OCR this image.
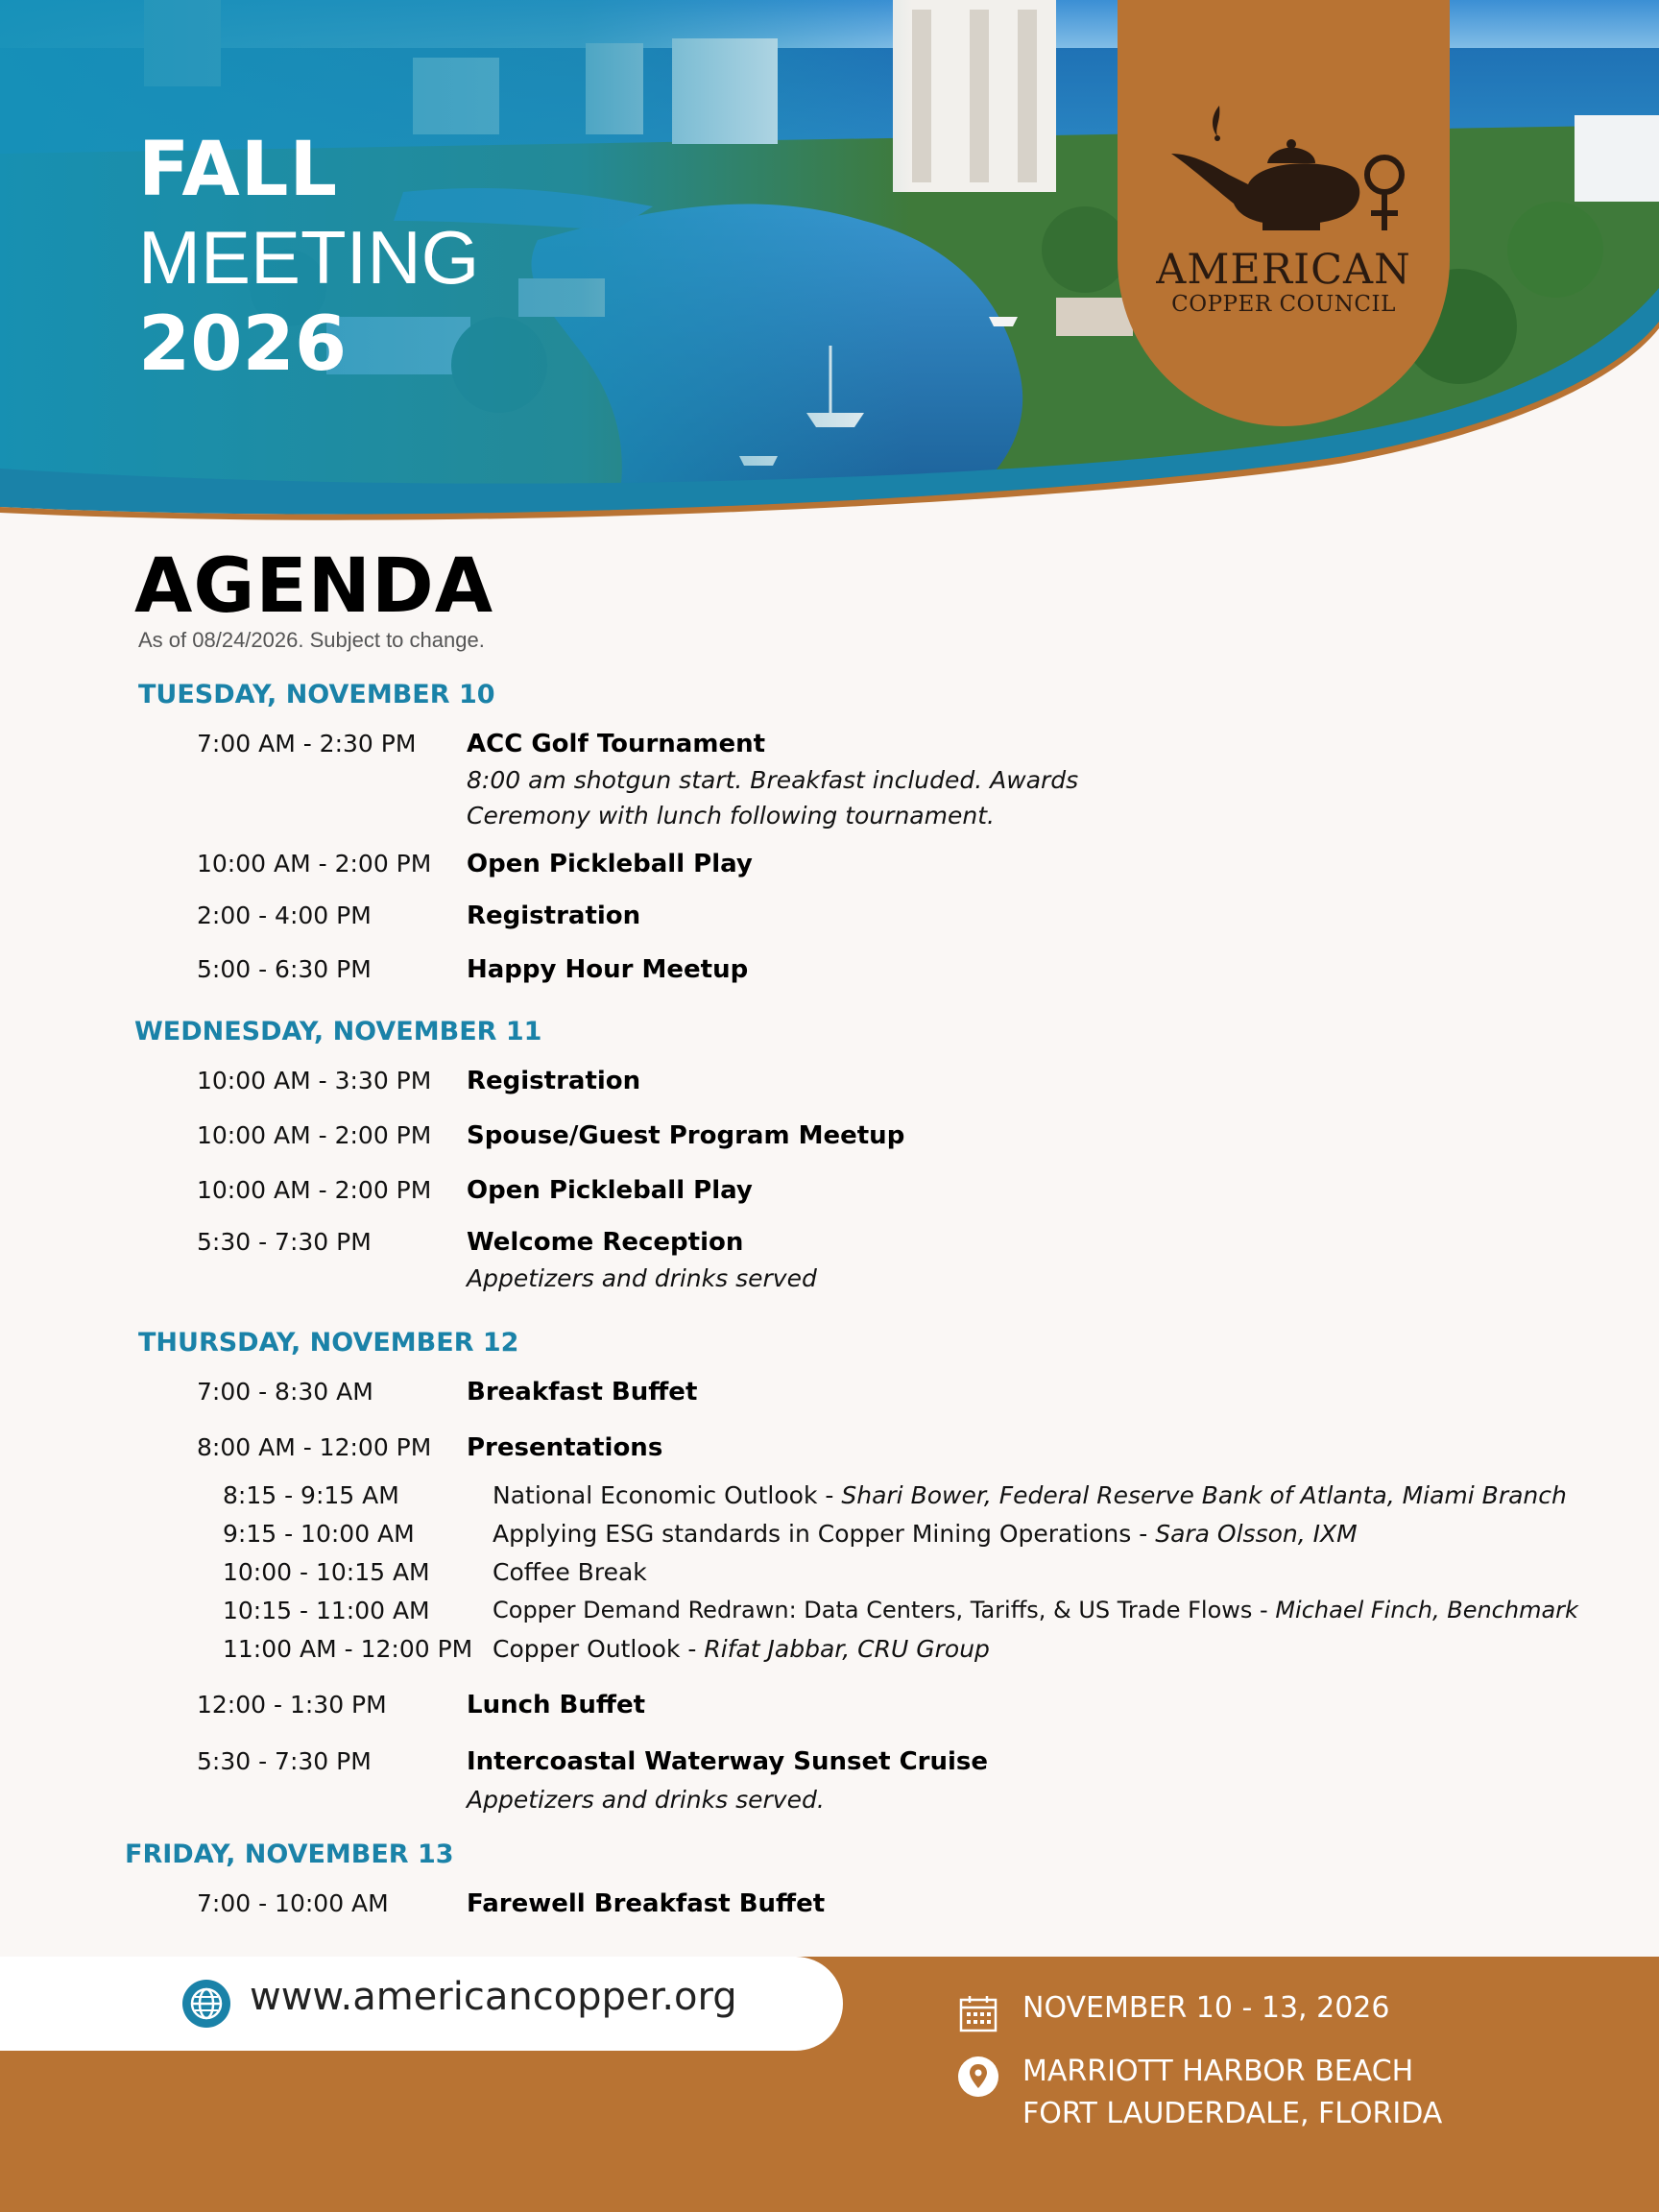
FALL
MEETING
2026
AMERICAN
COPPER COUNCIL
AGENDA
As of 08/24/2026. Subject to change.
TUESDAY, NOVEMBER 10
7:00 AM - 2:30 PM ACC Golf Tournament
8:00 am shotgun start. Breakfast included. Awards
Ceremony with lunch following tournament.
10:00 AM - 2:00 PM Open Pickleball Play
2:00 - 4:00 PM	Registration
5:00 - 6:30 PM	Happy Hour Meetup
WEDNESDAY, NOVEMBER 11
10:00 AM - 3:30 PM Registration
10:00 AM - 2:00 PM Spouse/Guest Program Meetup
10:00 AM - 2:00 PM Open Pickleball Play
5:30 - 7:30 PM	Welcome Reception
Appetizers and drinks served
THURSDAY, NOVEMBER 12
7:00 - 8:30 AM	Breakfast Buffet
8:00 AM - 12:00 PM Presentations
8:15 - 9:15 AM	National Economic Outlook - Shari Bower, Federal Reserve Bank of Atlanta, Miami Branch
9:15 - 10:00 AM	Applying ESG standards in Copper Mining Operations - Sara Olsson, IXM
10:00 - 10:15 AM	Coffee Break
10:15 - 11:00 AM	Copper Demand Redrawn: Data Centers, Tariffs, & US Trade Flows - Michael Finch, Benchmark
11:00 AM - 12:00 PM Copper Outlook - Rifat Jabbar, CRU Group
12:00 - 1:30 PM	Lunch Buffet
5:30 - 7:30 PM	Intercoastal Waterway Sunset Cruise
Appetizers and drinks served.
FRIDAY, NOVEMBER 13
7:00 - 10:00 AM	Farewell Breakfast Buffet
www.americancopper.org	NOVEMBER 10 - 13, 2026
MARRIOTT HARBOR BEACH
FORT LAUDERDALE, FLORIDA
